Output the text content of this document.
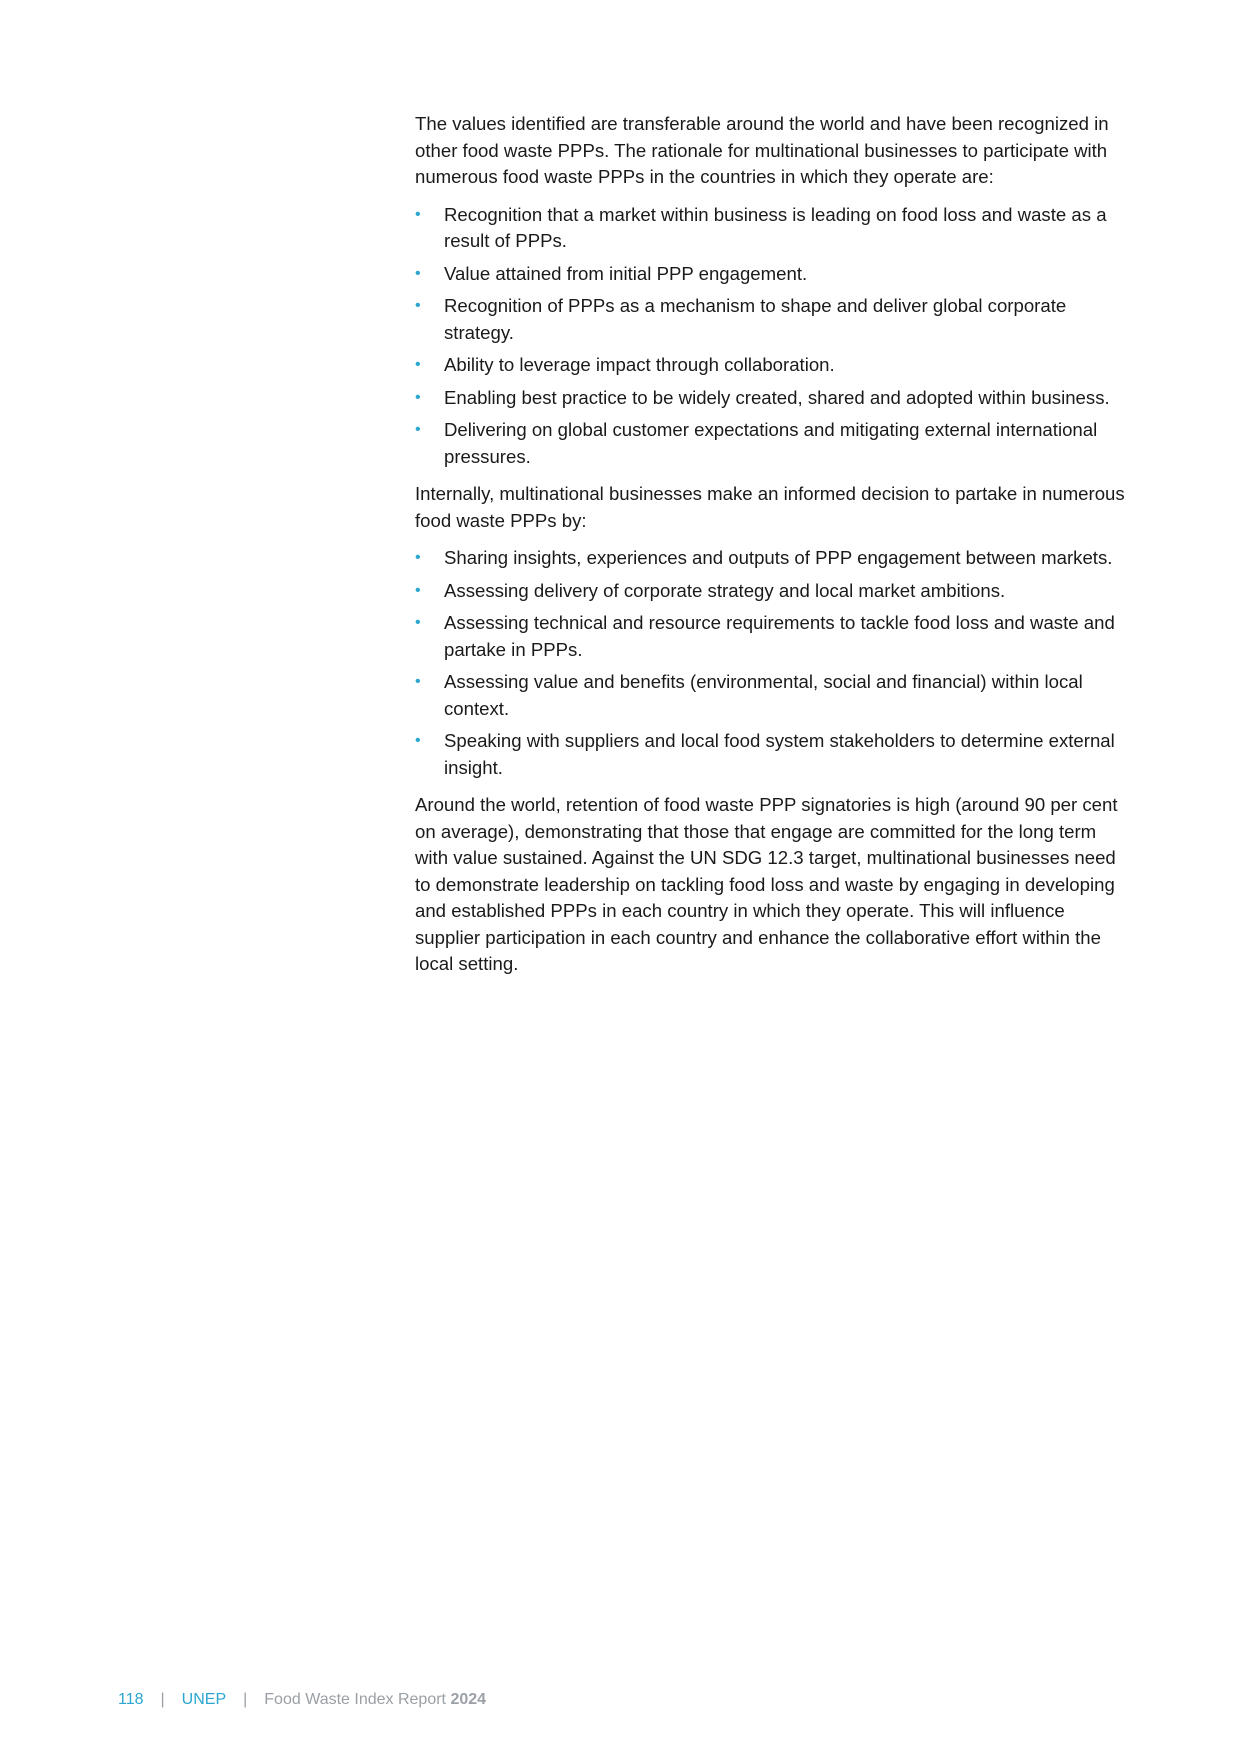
The values identified are transferable around the world and have been recognized in other food waste PPPs. The rationale for multinational businesses to participate with numerous food waste PPPs in the countries in which they operate are:

• Recognition that a market within business is leading on food loss and waste as a result of PPPs.
• Value attained from initial PPP engagement.
• Recognition of PPPs as a mechanism to shape and deliver global corporate strategy.
• Ability to leverage impact through collaboration.
• Enabling best practice to be widely created, shared and adopted within business.
• Delivering on global customer expectations and mitigating external international pressures.

Internally, multinational businesses make an informed decision to partake in numerous food waste PPPs by:

• Sharing insights, experiences and outputs of PPP engagement between markets.
• Assessing delivery of corporate strategy and local market ambitions.
• Assessing technical and resource requirements to tackle food loss and waste and partake in PPPs.
• Assessing value and benefits (environmental, social and financial) within local context.
• Speaking with suppliers and local food system stakeholders to determine external insight.

Around the world, retention of food waste PPP signatories is high (around 90 per cent on average), demonstrating that those that engage are committed for the long term with value sustained. Against the UN SDG 12.3 target, multinational businesses need to demonstrate leadership on tackling food loss and waste by engaging in developing and established PPPs in each country in which they operate. This will influence supplier participation in each country and enhance the collaborative effort within the local setting.

118 | UNEP | Food Waste Index Report 2024
